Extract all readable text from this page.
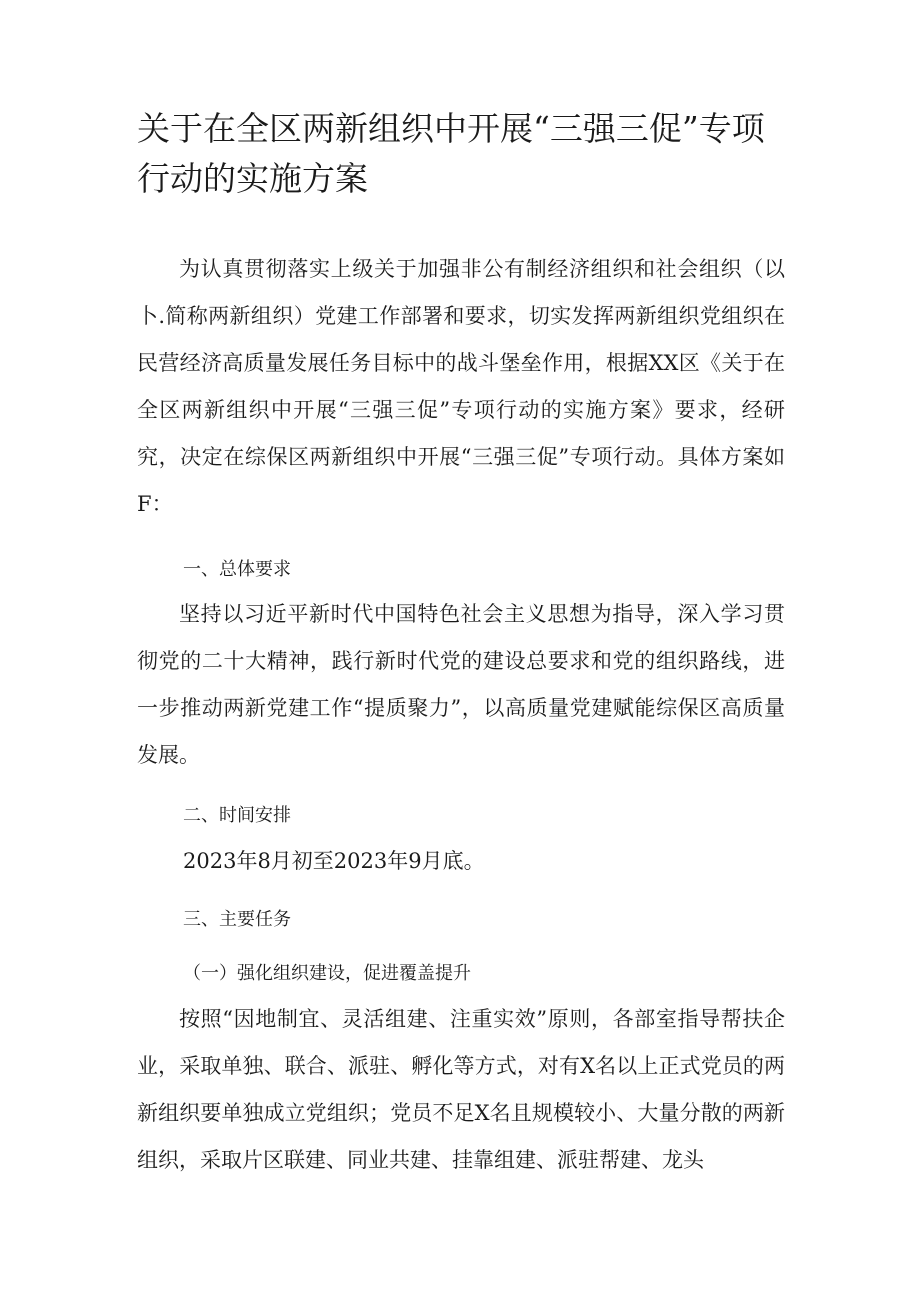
关于在全区两新组织中开展“三强三促”专项行动的实施方案

为认真贯彻落实上级关于加强非公有制经济组织和社会组织（以卜.简称两新组织）党建工作部署和要求，切实发挥两新组织党组织在民营经济高质量发展任务目标中的战斗堡垒作用，根据XX区《关于在全区两新组织中开展“三强三促”专项行动的实施方案》要求，经研究，决定在综保区两新组织中开展“三强三促”专项行动。具体方案如F：

一、总体要求

坚持以习近平新时代中国特色社会主义思想为指导，深入学习贯彻党的二十大精神，践行新时代党的建设总要求和党的组织路线，进一步推动两新党建工作“提质聚力”，以高质量党建赋能综保区高质量发展。

二、时间安排

2023年8月初至2023年9月底。

三、主要任务
（一）强化组织建设，促进覆盖提升

按照“因地制宜、灵活组建、注重实效”原则，各部室指导帮扶企业，采取单独、联合、派驻、孵化等方式，对有X名以上正式党员的两新组织要单独成立党组织；党员不足X名且规模较小、大量分散的两新组织，采取片区联建、同业共建、挂靠组建、派驻帮建、龙头
